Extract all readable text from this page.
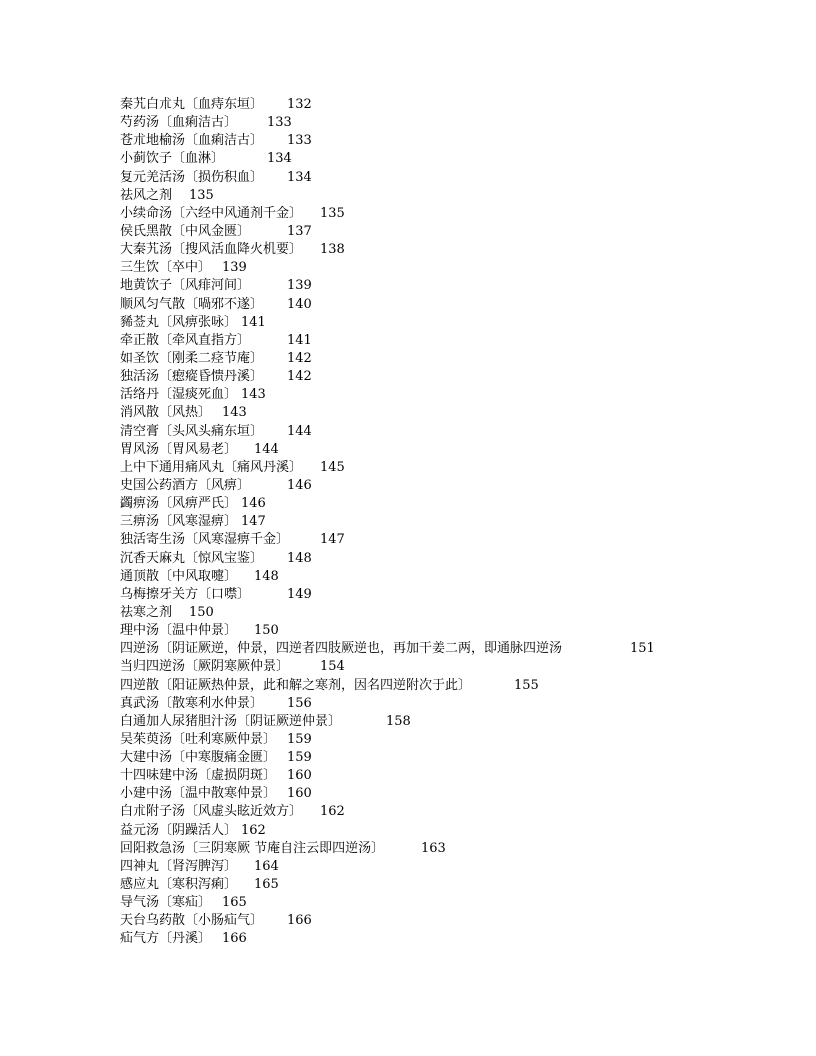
秦艽白朮丸〔血痔东垣〕 132
芍药汤〔血痢洁古〕 133
苍朮地榆汤〔血痢洁古〕 133
小蓟饮子〔血淋〕	134
复元羌活汤〔损伤积血〕 134
祛风之剂 135
小续命汤〔六经中风通剂千金〕 135
侯氏黑散〔中风金匮〕	137
大秦艽汤〔搜风活血降火机要〕 138
三生饮〔卒中〕 139
地黄饮子〔风痱河间〕	139
顺风匀气散〔喎邪不遂〕 140
豨莶丸〔风痹张咏〕 141
牵正散〔牵风直指方〕	141
如圣饮〔刚柔二痉节庵〕 142
独活汤〔瘛瘲昏愦丹溪〕 142
活络丹〔湿痰死血〕 143
消风散〔风热〕 143
清空膏〔头风头痛东垣〕 144
胃风汤〔胃风易老〕 144
上中下通用痛风丸〔痛风丹溪〕 145
史国公药酒方〔风痹〕	146
蠲痹汤〔风痹严氏〕 146
三痹汤〔风寒湿痹〕 147
独活寄生汤〔风寒湿痹千金〕 147
沉香天麻丸〔惊风宝鉴〕 148
通顶散〔中风取嚏〕 148
乌梅擦牙关方〔口噤〕	149
祛寒之剂 150
理中汤〔温中仲景〕 150
四逆汤〔阴证厥逆，仲景，四逆者四肢厥逆也，再加干姜二两，即通脉四逆汤	151
当归四逆汤〔厥阴寒厥仲景〕 154
四逆散〔阳证厥热仲景，此和解之寒剂，因名四逆附次于此〕	155
真武汤〔散寒利水仲景〕 156
白通加人尿猪胆汁汤〔阴证厥逆仲景〕	158
吴茱萸汤〔吐利寒厥仲景〕 159
大建中汤〔中寒腹痛金匮〕 159
十四味建中汤〔虚损阴斑〕 160
小建中汤〔温中散寒仲景〕 160
白朮附子汤〔风虚头眩近效方〕 162
益元汤〔阴躁活人〕 162
回阳救急汤〔三阴寒厥 节庵自注云即四逆汤〕	163
四神丸〔肾泻脾泻〕 164
感应丸〔寒积泻痢〕 165
导气汤〔寒疝〕 165
天台乌药散〔小肠疝气〕 166
疝气方〔丹溪〕 166
